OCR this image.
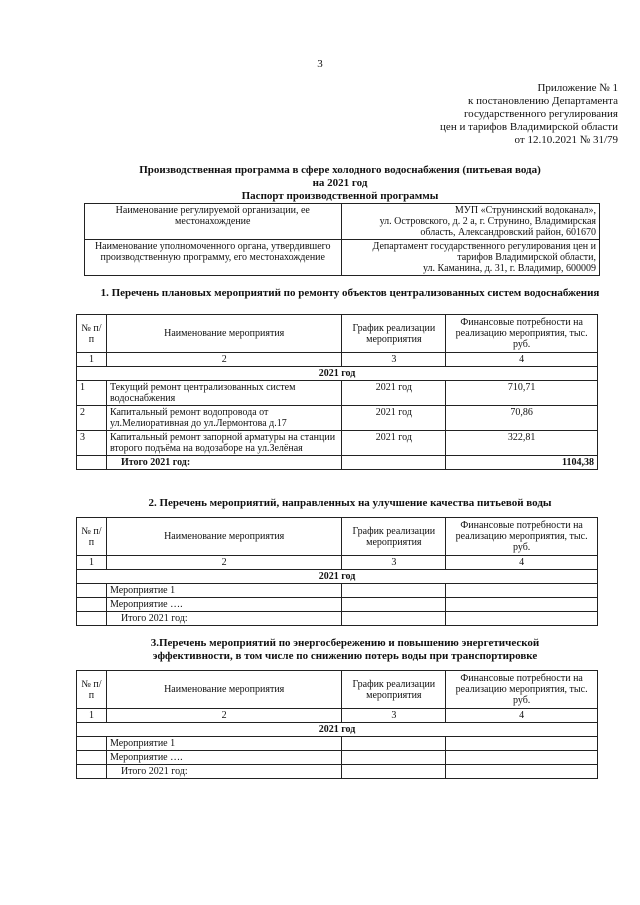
3
Приложение № 1
к постановлению Департамента
государственного регулирования
цен и тарифов Владимирской области
от 12.10.2021 № 31/79
Производственная программа в сфере холодного водоснабжения (питьевая вода)
на 2021 год
Паспорт производственной программы
Наименование регулируемой организации, ее местонахождение	МУП «Струнинский водоканал»,
ул. Островского, д. 2 а, г. Струнино, Владимирская область, Александровский район, 601670

Наименование уполномоченного органа, утвердившего производственную программу, его местонахождение	Департамент государственного регулирования цен и тарифов Владимирской области,
ул. Каманина, д. 31, г. Владимир, 600009
1. Перечень плановых мероприятий по ремонту объектов централизованных систем водоснабжения
№ п/п	Наименование мероприятия	График реализации мероприятия	Финансовые потребности на реализацию мероприятия, тыс. руб.
1	2	3	4
2021 год			
1	Текущий ремонт централизованных систем водоснабжения	2021 год	710,71
2	Капитальный ремонт водопровода от ул.Мелиоративная до ул.Лермонтова д.17	2021 год	70,86
3	Капитальный ремонт запорной арматуры на станции второго подъёма на водозаборе на ул.Зелёная	2021 год	322,81
	Итого 2021 год:		1104,38
2. Перечень мероприятий, направленных на улучшение качества питьевой воды
№ п/п	Наименование мероприятия	График реализации мероприятия	Финансовые потребности на реализацию мероприятия, тыс. руб.
1	2	3	4
2021 год			
	Мероприятие 1		
	Мероприятие ….		
	Итого 2021 год:		
3.Перечень мероприятий по энергосбережению и повышению энергетической
эффективности, в том числе по снижению потерь воды при транспортировке
№ п/п	Наименование мероприятия	График реализации мероприятия	Финансовые потребности на реализацию мероприятия, тыс. руб.
1	2	3	4
2021 год			
	Мероприятие 1		
	Мероприятие ….		
	Итого 2021 год:		
